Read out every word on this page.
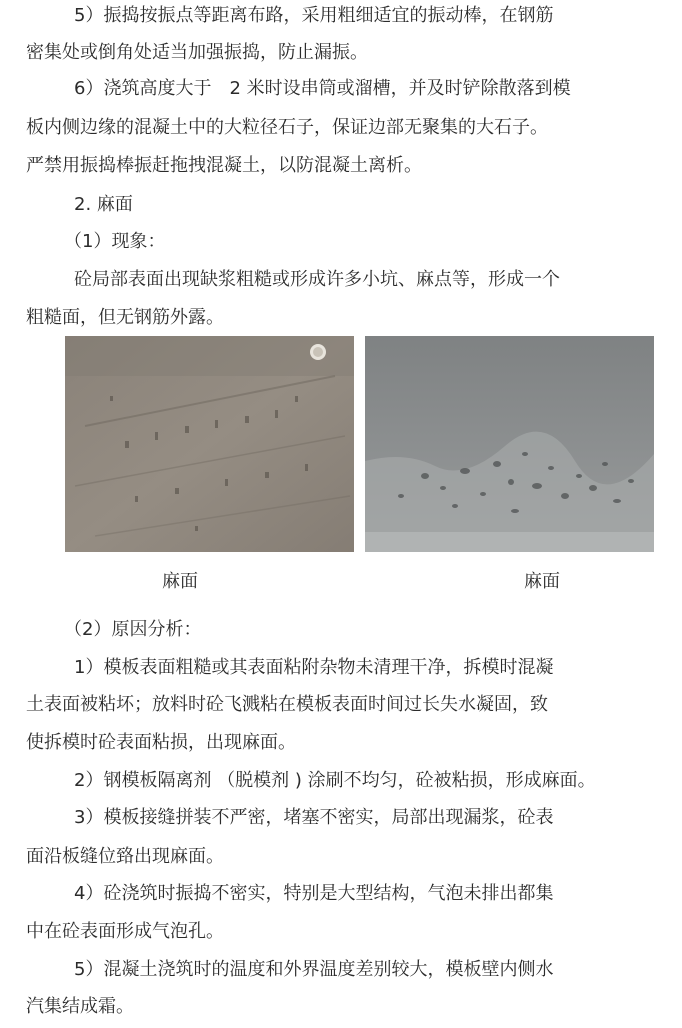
5）振捣按振点等距离布路，采用粗细适宜的振动棒，在钢筋
密集处或倒角处适当加强振捣，防止漏振。
6）浇筑高度大于　2 米时设串筒或溜槽，并及时铲除散落到模
板内侧边缘的混凝土中的大粒径石子，保证边部无聚集的大石子。
严禁用振捣棒振赶拖拽混凝土，以防混凝土离析。
2. 麻面
（1）现象：
砼局部表面出现缺浆粗糙或形成许多小坑、麻点等，形成一个
粗糙面，但无钢筋外露。
麻面	麻面
（2）原因分析：
1）模板表面粗糙或其表面粘附杂物未清理干净，拆模时混凝
土表面被粘坏；放料时砼飞溅粘在模板表面时间过长失水凝固，致
使拆模时砼表面粘损，出现麻面。
2）钢模板隔离剂 （脱模剂 ) 涂刷不均匀，砼被粘损，形成麻面。
3）模板接缝拼装不严密，堵塞不密实，局部出现漏浆，砼表
面沿板缝位臵出现麻面。
4）砼浇筑时振捣不密实，特别是大型结构，气泡未排出都集
中在砼表面形成气泡孔。
5）混凝土浇筑时的温度和外界温度差别较大，模板壁内侧水
汽集结成霜。
